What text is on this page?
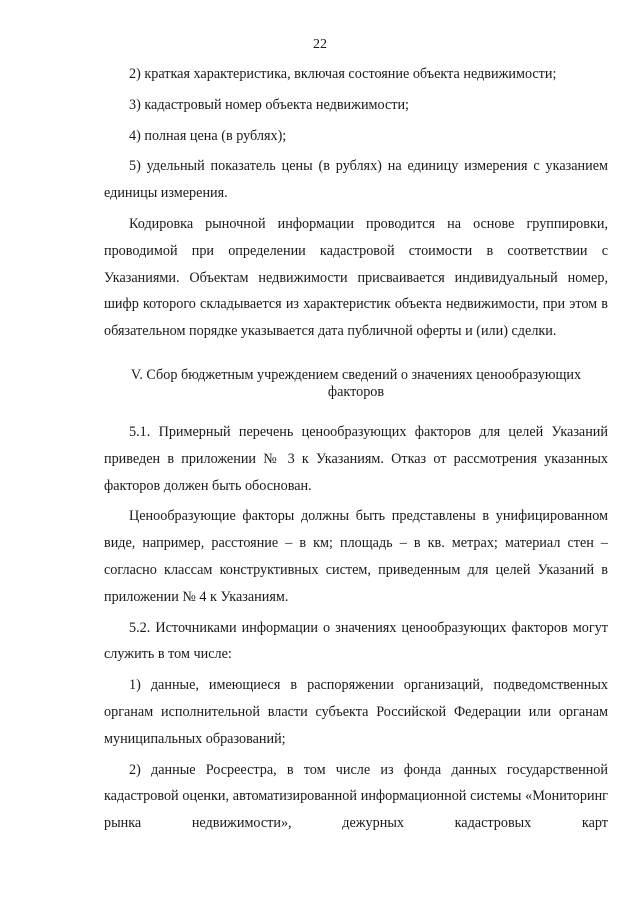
22

2) краткая характеристика, включая состояние объекта недвижимости;

3) кадастровый номер объекта недвижимости;

4) полная цена (в рублях);

5) удельный показатель цены (в рублях) на единицу измерения с указанием единицы измерения.

Кодировка рыночной информации проводится на основе группировки, проводимой при определении кадастровой стоимости в соответствии с Указаниями. Объектам недвижимости присваивается индивидуальный номер, шифр которого складывается из характеристик объекта недвижимости, при этом в обязательном порядке указывается дата публичной оферты и (или) сделки.

V. Сбор бюджетным учреждением сведений о значениях ценообразующих
факторов

5.1. Примерный перечень ценообразующих факторов для целей Указаний приведен в приложении № 3 к Указаниям. Отказ от рассмотрения указанных факторов должен быть обоснован.

Ценообразующие факторы должны быть представлены в унифицированном виде, например, расстояние – в км; площадь – в кв. метрах; материал стен – согласно классам конструктивных систем, приведенным для целей Указаний в приложении № 4 к Указаниям.

5.2. Источниками информации о значениях ценообразующих факторов могут служить в том числе:

1) данные, имеющиеся в распоряжении организаций, подведомственных органам исполнительной власти субъекта Российской Федерации или органам муниципальных образований;

2) данные Росреестра, в том числе из фонда данных государственной кадастровой оценки, автоматизированной информационной системы «Мониторинг рынка недвижимости», дежурных кадастровых карт
